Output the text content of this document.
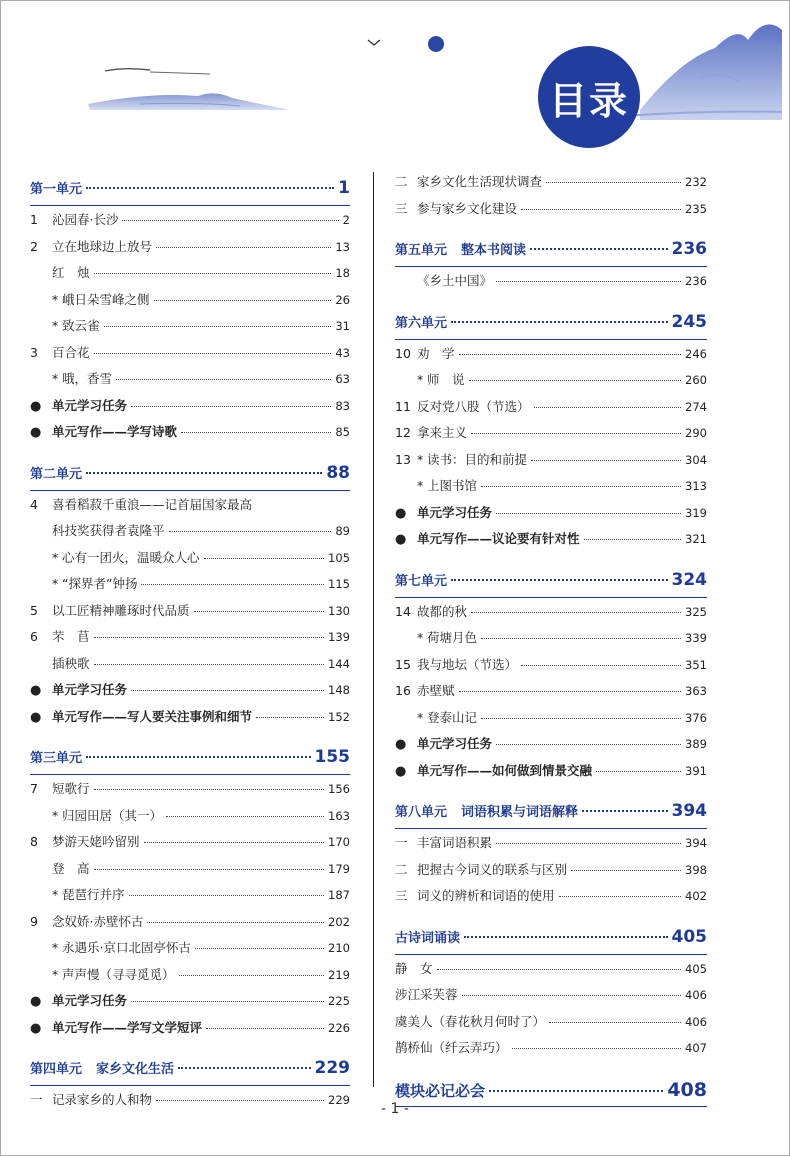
目录
第一单元	1
1	沁园春·长沙	2
2	立在地球边上放号	13
红　烛	18
* 峨日朵雪峰之侧	26
* 致云雀	31
3	百合花	43
* 哦，香雪	63
● 单元学习任务	83
● 单元写作——学写诗歌	85
第二单元	88
4	喜看稻菽千重浪——记首届国家最高
科技奖获得者袁隆平	89
* 心有一团火，温暖众人心	105
* “探界者”钟扬	115
5	以工匠精神雕琢时代品质	130
6	芣　苢	139
插秧歌	144
● 单元学习任务	148
● 单元写作——写人要关注事例和细节	152
第三单元	155
7	短歌行	156
* 归园田居（其一）	163
8	梦游天姥吟留别	170
登　高	179
* 琵琶行并序	187
9	念奴娇·赤壁怀古	202
* 永遇乐·京口北固亭怀古	210
* 声声慢（寻寻觅觅）	219
● 单元学习任务	225
● 单元写作——学写文学短评	226
第四单元 家乡文化生活	229
一 记录家乡的人和物	229
二 家乡文化生活现状调查	232
三 参与家乡文化建设	235
第五单元 整本书阅读	236
《乡土中国》	236
第六单元	245
10 劝　学	246
* 师　说	260
11 反对党八股（节选）	274
12 拿来主义	290
13 * 读书：目的和前提	304
* 上图书馆	313
● 单元学习任务	319
● 单元写作——议论要有针对性	321
第七单元	324
14 故都的秋	325
* 荷塘月色	339
15 我与地坛（节选）	351
16 赤壁赋	363
* 登泰山记	376
● 单元学习任务	389
● 单元写作——如何做到情景交融	391
第八单元 词语积累与词语解释	394
一 丰富词语积累	394
二 把握古今词义的联系与区别	398
三 词义的辨析和词语的使用	402
古诗词诵读	405
静　女	405
涉江采芙蓉	406
虞美人（春花秋月何时了）	406
鹊桥仙（纤云弄巧）	407
模块必记必会	408
- 1 -
